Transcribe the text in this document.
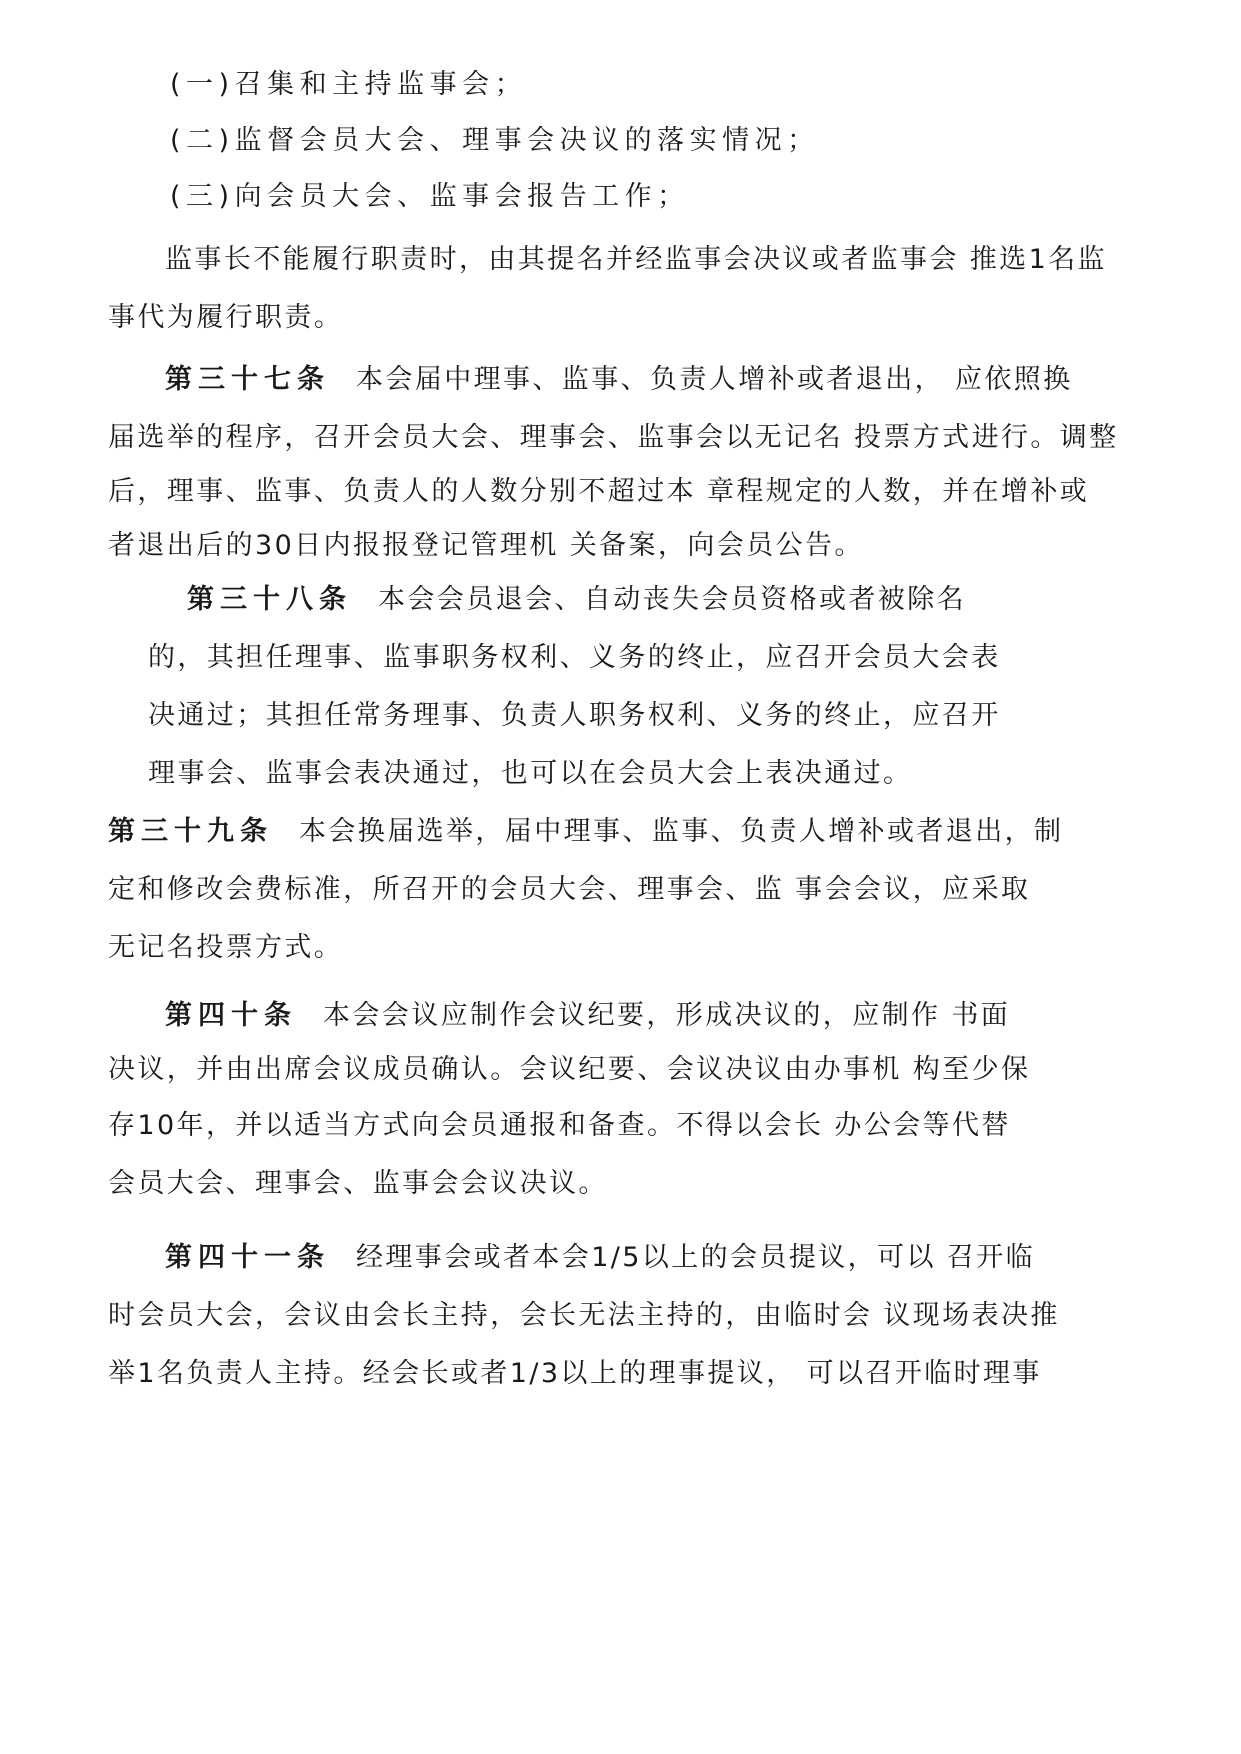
(一)召集和主持监事会；
(二)监督会员大会、理事会决议的落实情况；
(三)向会员大会、监事会报告工作；
监事长不能履行职责时，由其提名并经监事会决议或者监事会 推选1名监
事代为履行职责。
第三十七条 本会届中理事、监事、负责人增补或者退出， 应依照换
届选举的程序，召开会员大会、理事会、监事会以无记名 投票方式进行。调整
后，理事、监事、负责人的人数分别不超过本 章程规定的人数，并在增补或
者退出后的30日内报报登记管理机 关备案，向会员公告。
第三十八条 本会会员退会、自动丧失会员资格或者被除名
的，其担任理事、监事职务权利、义务的终止，应召开会员大会表
决通过；其担任常务理事、负责人职务权利、义务的终止，应召开
理事会、监事会表决通过，也可以在会员大会上表决通过。
第三十九条 本会换届选举，届中理事、监事、负责人增补或者退出，制
定和修改会费标准，所召开的会员大会、理事会、监 事会会议，应采取
无记名投票方式。
第四十条 本会会议应制作会议纪要，形成决议的，应制作 书面
决议，并由出席会议成员确认。会议纪要、会议决议由办事机 构至少保
存10年，并以适当方式向会员通报和备查。不得以会长 办公会等代替
会员大会、理事会、监事会会议决议。
第四十一条 经理事会或者本会1/5以上的会员提议，可以 召开临
时会员大会，会议由会长主持，会长无法主持的，由临时会 议现场表决推
举1名负责人主持。经会长或者1/3以上的理事提议， 可以召开临时理事
